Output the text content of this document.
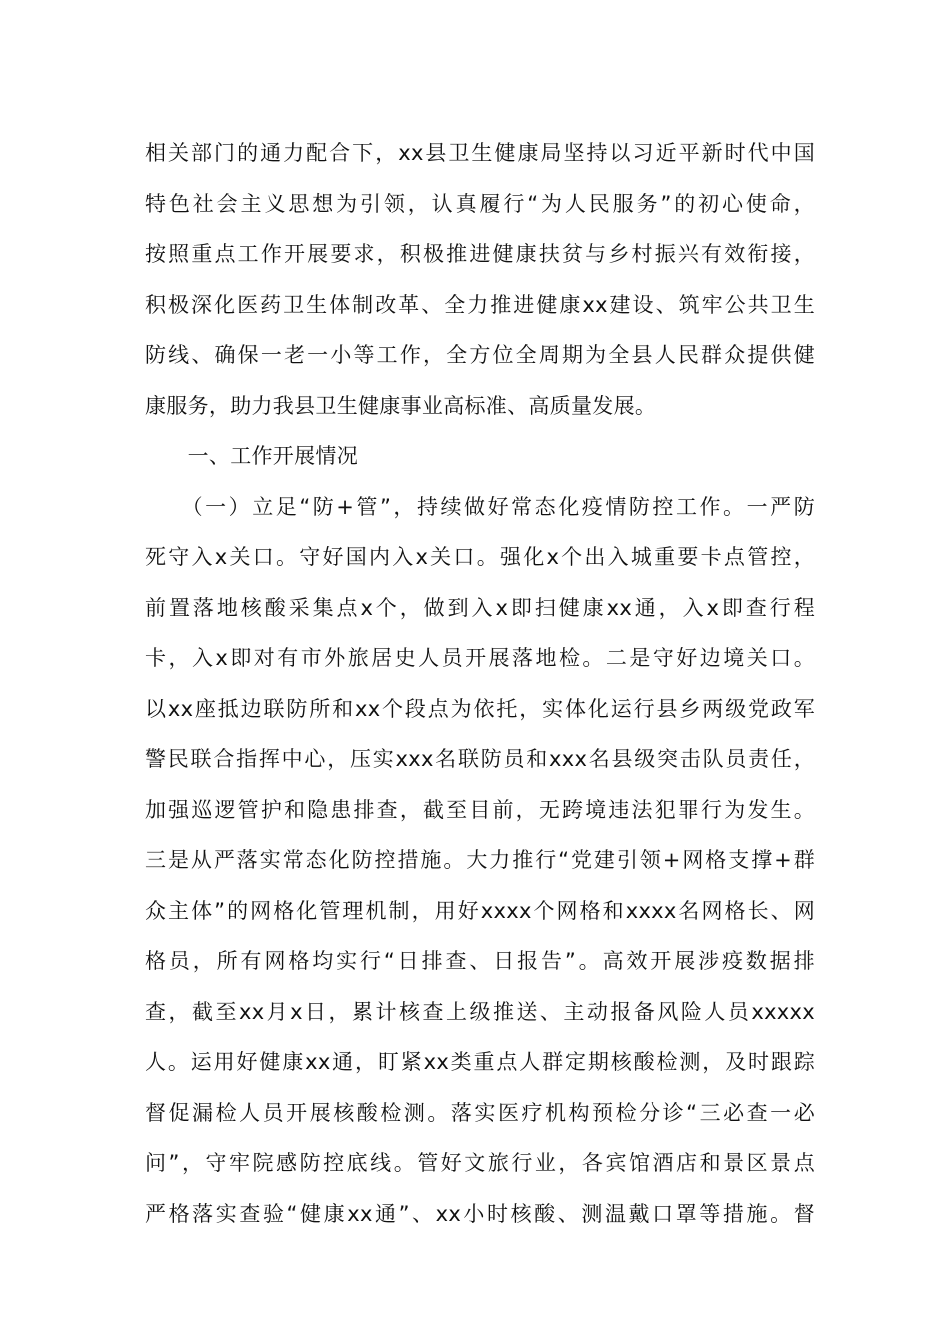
相关部门的通力配合下，xx县卫生健康局坚持以习近平新时代中国
特色社会主义思想为引领，认真履行“为人民服务”的初心使命，
按照重点工作开展要求，积极推进健康扶贫与乡村振兴有效衔接，
积极深化医药卫生体制改革、全力推进健康xx建设、筑牢公共卫生
防线、确保一老一小等工作，全方位全周期为全县人民群众提供健
康服务，助力我县卫生健康事业高标准、高质量发展。
　　一、工作开展情况
　　（一）立足“防+管”，持续做好常态化疫情防控工作。一严防
死守入x关口。守好国内入x关口。强化x个出入城重要卡点管控，
前置落地核酸采集点x个，做到入x即扫健康xx通，入x即查行程
卡，入x即对有市外旅居史人员开展落地检。二是守好边境关口。
以xx座抵边联防所和xx个段点为依托，实体化运行县乡两级党政军
警民联合指挥中心，压实xxx名联防员和xxx名县级突击队员责任，
加强巡逻管护和隐患排查，截至目前，无跨境违法犯罪行为发生。
三是从严落实常态化防控措施。大力推行“党建引领+网格支撑+群
众主体”的网格化管理机制，用好xxxx个网格和xxxx名网格长、网
格员，所有网格均实行“日排查、日报告”。高效开展涉疫数据排
查，截至xx月x日，累计核查上级推送、主动报备风险人员xxxxx
人。运用好健康xx通，盯紧xx类重点人群定期核酸检测，及时跟踪
督促漏检人员开展核酸检测。落实医疗机构预检分诊“三必查一必
问”，守牢院感防控底线。管好文旅行业，各宾馆酒店和景区景点
严格落实查验“健康xx通”、xx小时核酸、测温戴口罩等措施。督
